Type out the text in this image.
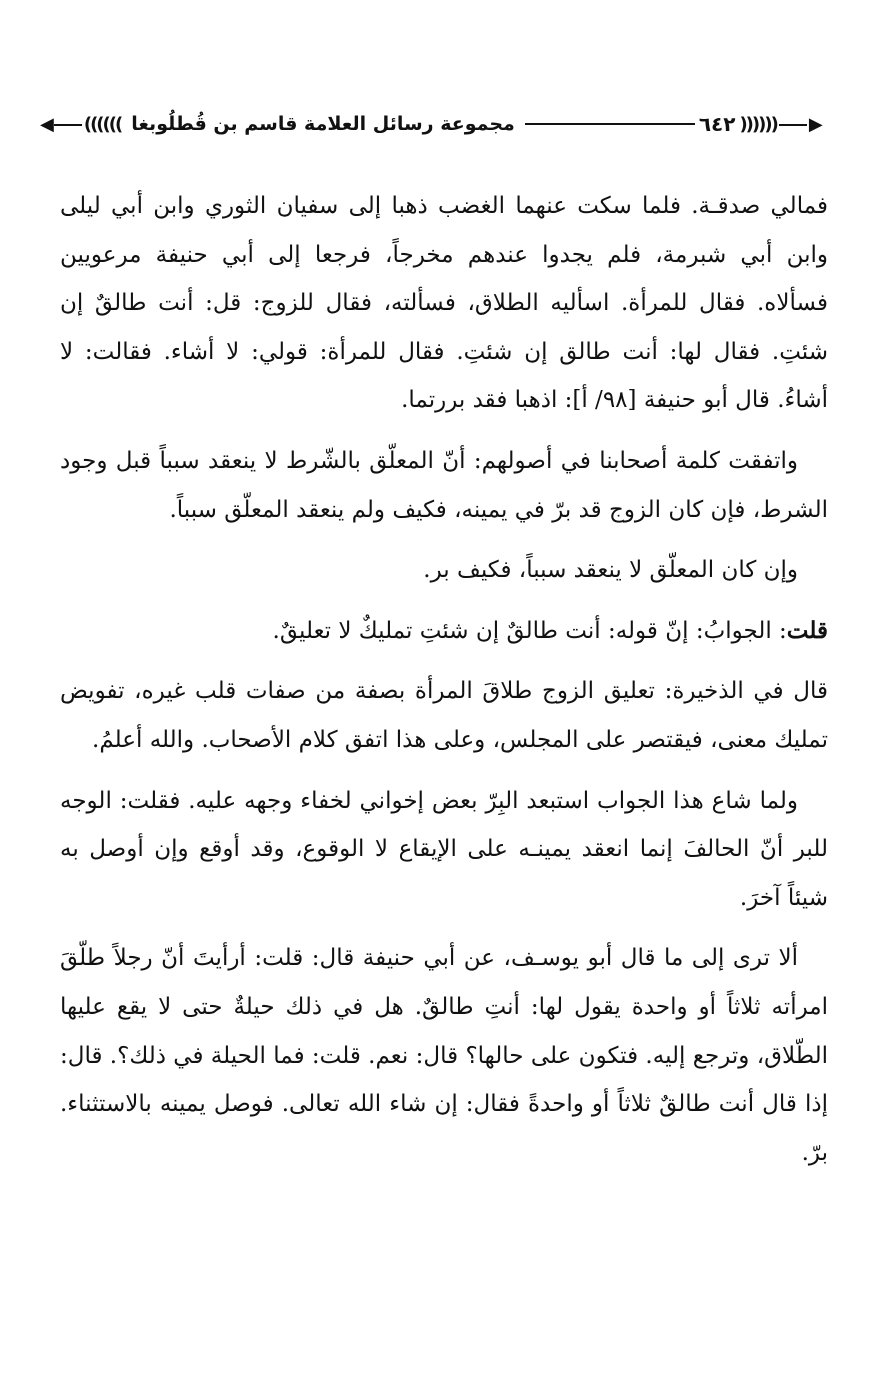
◀ (((((( مجموعة رسائل العلامة قاسم بن قُطلُوبغا	٦٤٢ )))))) ▶

فمالي صدقـة. فلما سكت عنهما الغضب ذهبا إلى سفيان الثوري وابن أبي ليلى وابن أبي شبرمة، فلم يجدوا عندهم مخرجاً، فرجعا إلى أبي حنيفة مرعويين فسألاه. فقال للمرأة. اسأليه الطلاق، فسألته، فقال للزوج: قل: أنت طالقٌ إن شئتِ. فقال لها: أنت طالق إن شئتِ. فقال للمرأة: قولي: لا أشاء. فقالت: لا أشاءُ. قال أبو حنيفة [٩٨/ أ]: اذهبا فقد بررتما.

واتفقت كلمة أصحابنا في أصولهم: أنّ المعلّق بالشّرط لا ينعقد سبباً قبل وجود الشرط، فإن كان الزوج قد برّ في يمينه، فكيف ولم ينعقد المعلّق سبباً.

وإن كان المعلّق لا ينعقد سبباً، فكيف بر.

قلت: الجوابُ: إنّ قوله: أنت طالقٌ إن شئتِ تمليكٌ لا تعليقٌ.

قال في الذخيرة: تعليق الزوج طلاقَ المرأة بصفة من صفات قلب غيره، تفويض تمليك معنى، فيقتصر على المجلس، وعلى هذا اتفق كلام الأصحاب. والله أعلمُ.

ولما شاع هذا الجواب استبعد البِرّ بعض إخواني لخفاء وجهه عليه. فقلت: الوجه للبر أنّ الحالفَ إنما انعقد يمينـه على الإيقاع لا الوقوع، وقد أوقع وإن أوصل به شيئاً آخرَ.

ألا ترى إلى ما قال أبو يوسـف، عن أبي حنيفة قال: قلت: أرأيتَ أنّ رجلاً طلّقَ امرأته ثلاثاً أو واحدة يقول لها: أنتِ طالقٌ. هل في ذلك حيلةٌ حتى لا يقع عليها الطّلاق، وترجع إليه. فتكون على حالها؟ قال: نعم. قلت: فما الحيلة في ذلك؟. قال: إذا قال أنت طالقٌ ثلاثاً أو واحدةً فقال: إن شاء الله تعالى. فوصل يمينه بالاستثناء. برّ.
